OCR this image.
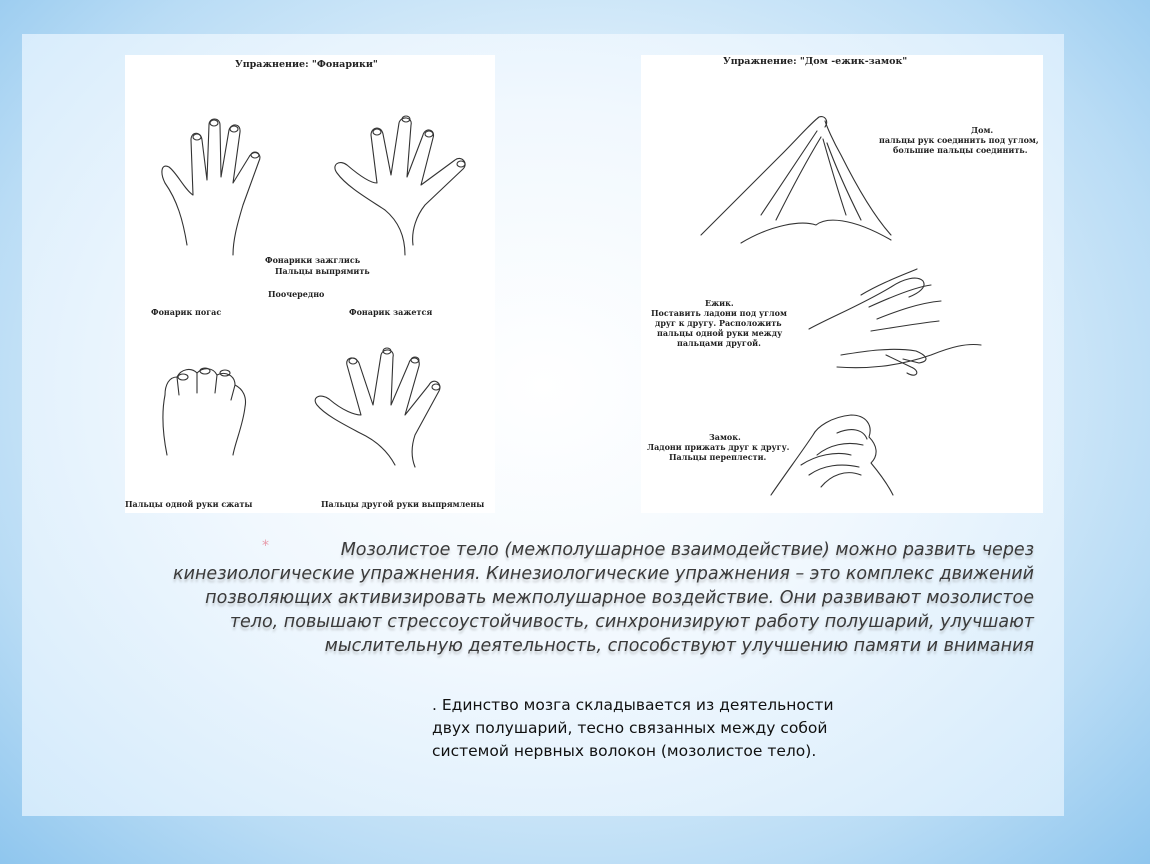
Упражнение: "Фонарики"
Фонарики зажглись
Пальцы выпрямить
Поочередно
Фонарик погас	Фонарик зажется
Пальцы одной руки сжаты	Пальцы другой руки выпрямлены
Упражнение: "Дом -ежик-замок"
Дом.
пальцы рук соединить под углом,
большие пальцы соединить.
Ежик.
Поставить ладони под углом
друг к другу. Расположить
пальцы одной руки между
пальцами другой.
Замок.
Ладони прижать друг к другу.
Пальцы переплести.
*	Мозолистое тело (межполушарное взаимодействие) можно развить через кинезиологические упражнения. Кинезиологические упражнения – это комплекс движений позволяющих активизировать межполушарное воздействие. Они развивают мозолистое тело, повышают стрессоустойчивость, синхронизируют работу полушарий, улучшают мыслительную деятельность, способствуют улучшению памяти и внимания
. Единство мозга складывается из деятельности двух полушарий, тесно связанных между собой системой нервных волокон (мозолистое тело).
